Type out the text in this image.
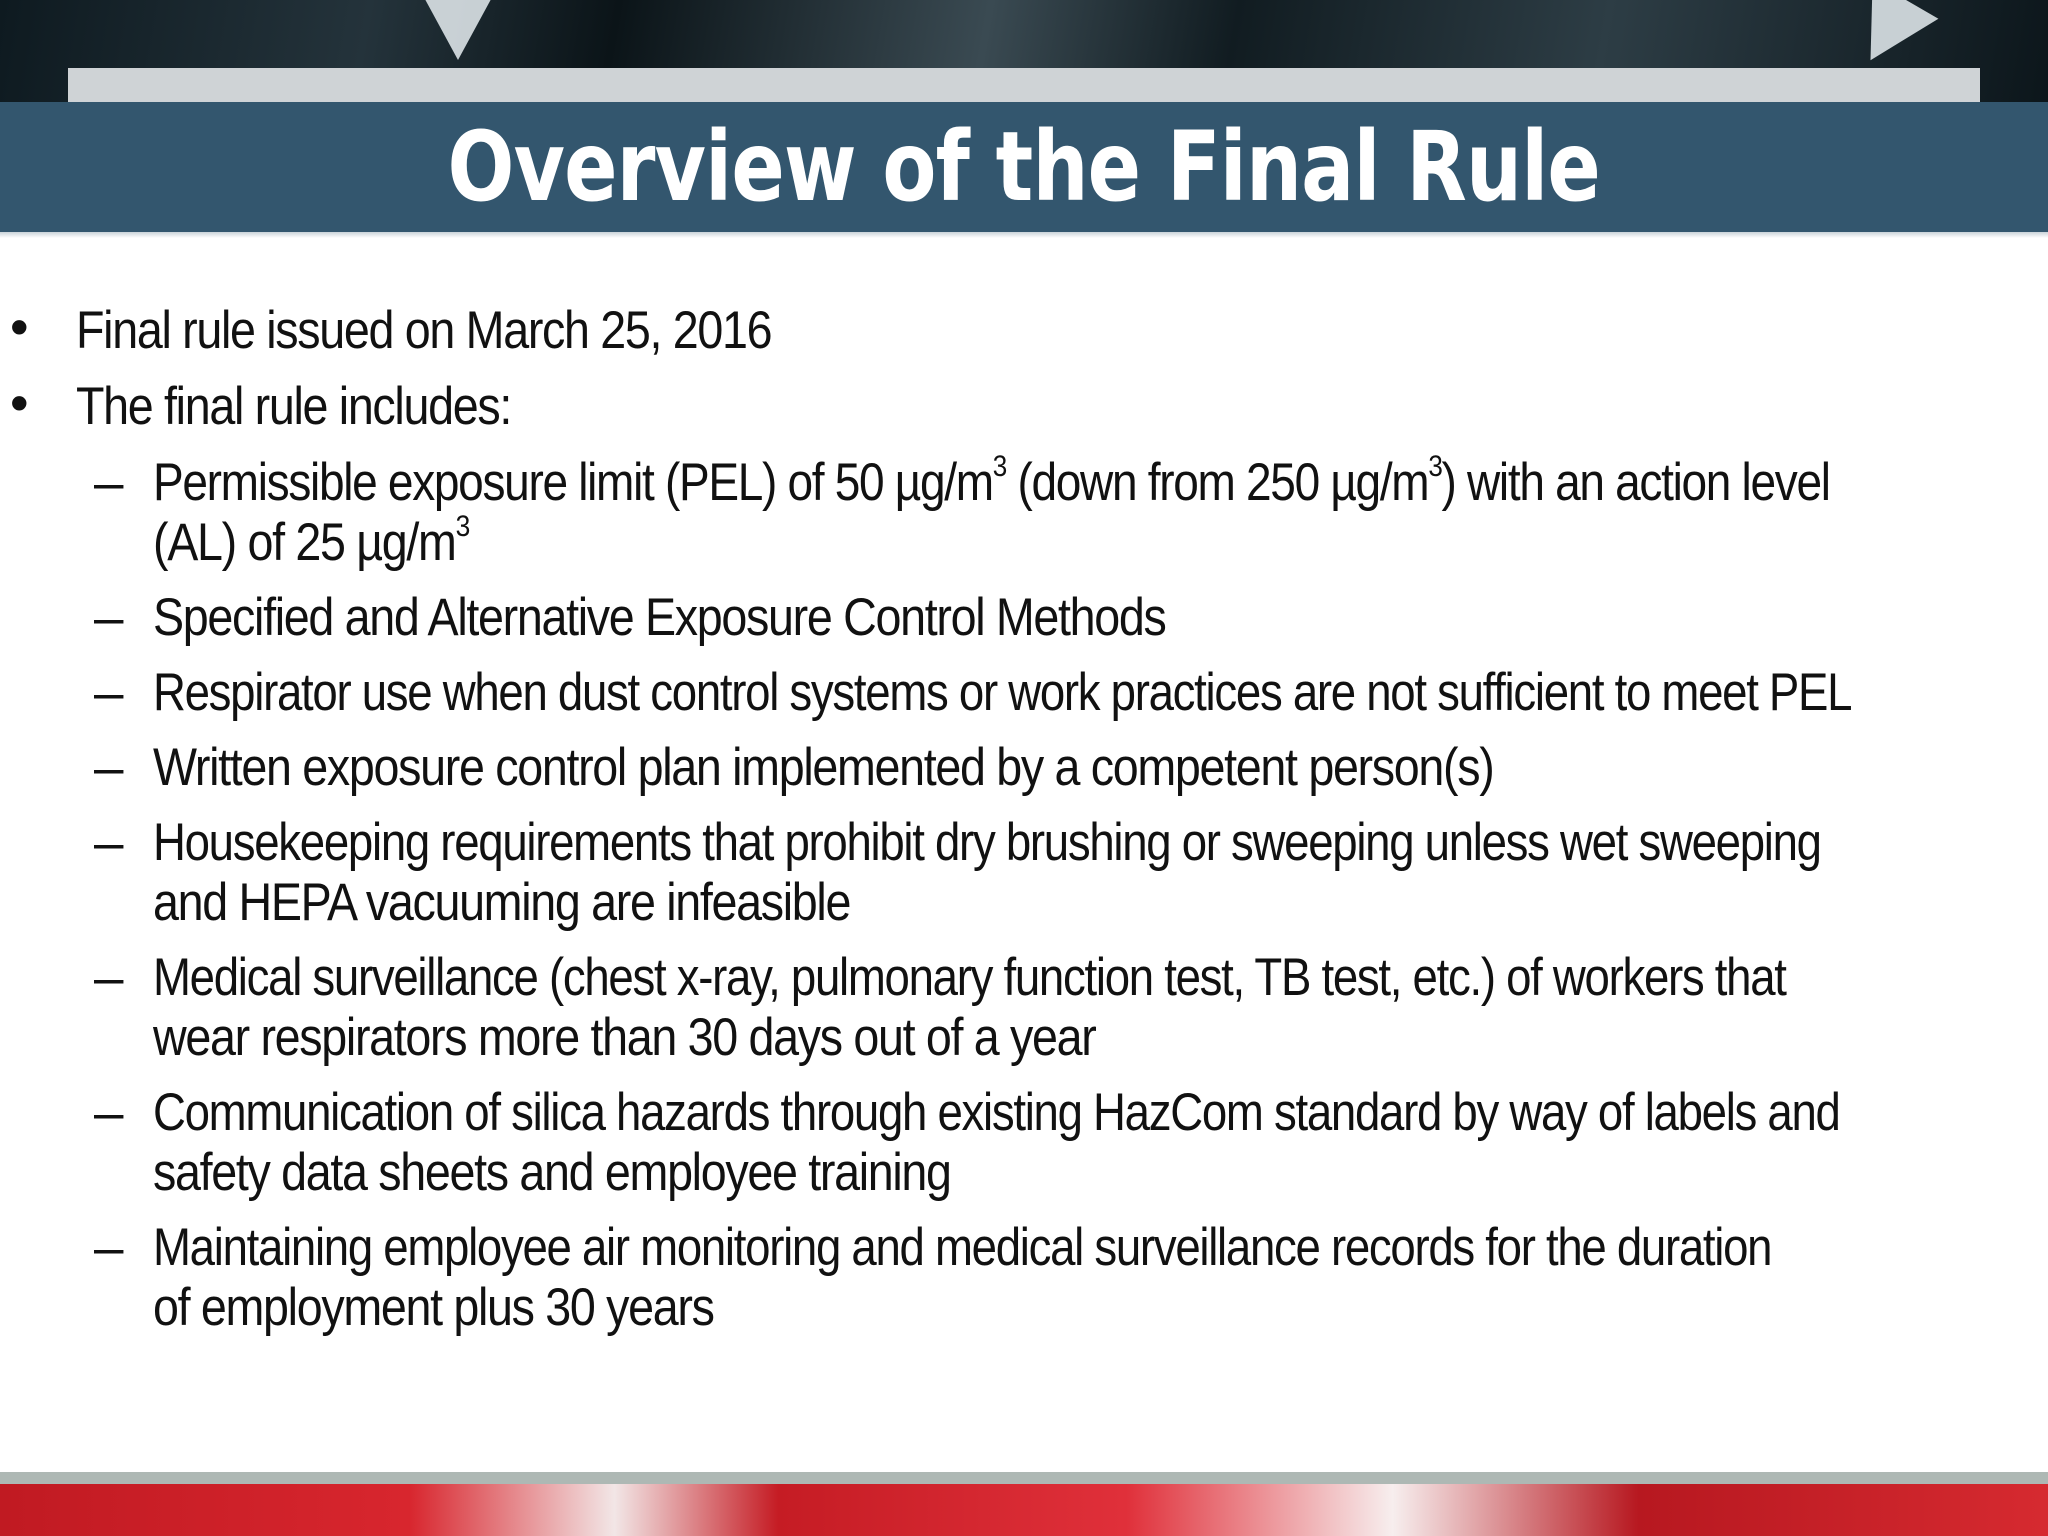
Overview of the Final Rule
• Final rule issued on March 25, 2016
• The final rule includes:
– Permissible exposure limit (PEL) of 50 $\mu g/m^3$ (down from 250 $\mu g/m^3$) with an action level
(AL) of 25 $\mu g/m^3$
– Specified and Alternative Exposure Control Methods
– Respirator use when dust control systems or work practices are not sufficient to meet PEL
– Written exposure control plan implemented by a competent person(s)
– Housekeeping requirements that prohibit dry brushing or sweeping unless wet sweeping
and HEPA vacuuming are infeasible
– Medical surveillance (chest x-ray, pulmonary function test, TB test, etc.) of workers that
wear respirators more than 30 days out of a year
– Communication of silica hazards through existing HazCom standard by way of labels and
safety data sheets and employee training
– Maintaining employee air monitoring and medical surveillance records for the duration
of employment plus 30 years
